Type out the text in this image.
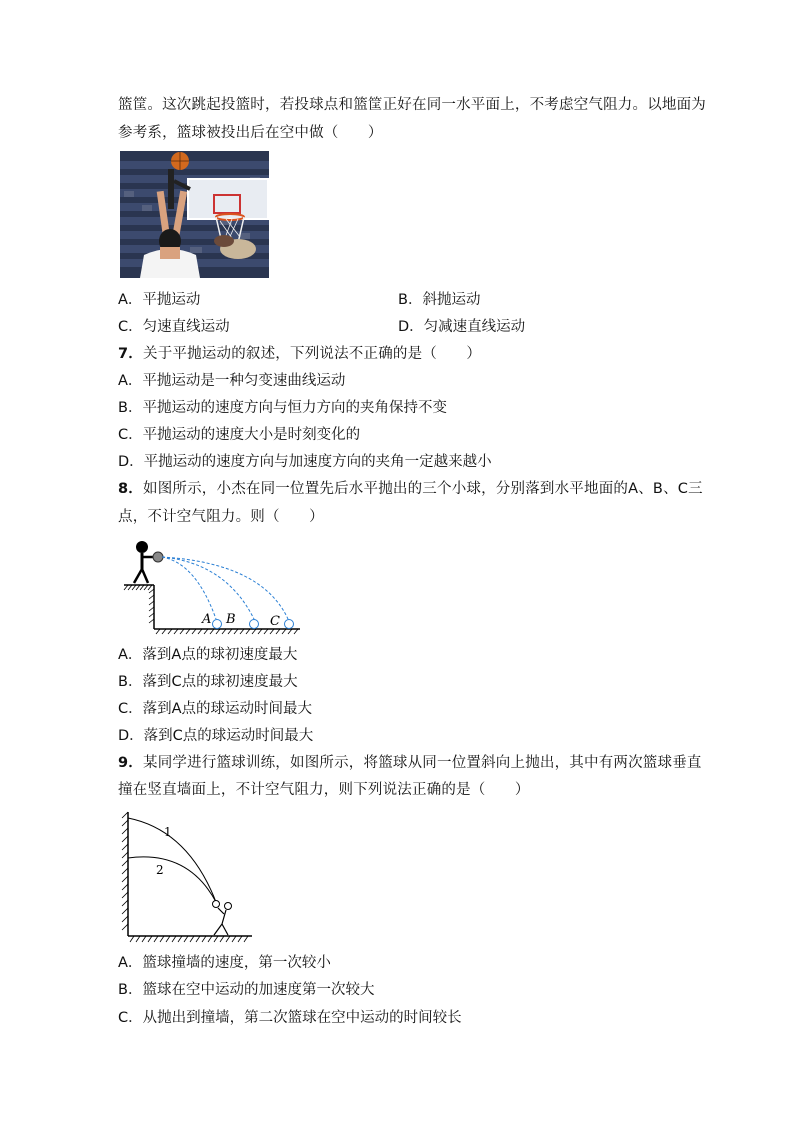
篮筐。这次跳起投篮时，若投球点和篮筐正好在同一水平面上，不考虑空气阻力。以地面为
参考系，篮球被投出后在空中做（　　）
A．平抛运动	B．斜抛运动
C．匀速直线运动	D．匀减速直线运动
7．关于平抛运动的叙述，下列说法不正确的是（　　）
A．平抛运动是一种匀变速曲线运动
B．平抛运动的速度方向与恒力方向的夹角保持不变
C．平抛运动的速度大小是时刻变化的
D．平抛运动的速度方向与加速度方向的夹角一定越来越小
8．如图所示，小杰在同一位置先后水平抛出的三个小球，分别落到水平地面的A、B、C三
点，不计空气阻力。则（　　）
A B	C
A．落到A点的球初速度最大
B．落到C点的球初速度最大
C．落到A点的球运动时间最大
D．落到C点的球运动时间最大
9．某同学进行篮球训练，如图所示，将篮球从同一位置斜向上抛出，其中有两次篮球垂直
撞在竖直墙面上，不计空气阻力，则下列说法正确的是（　　）
1
2
A．篮球撞墙的速度，第一次较小
B．篮球在空中运动的加速度第一次较大
C．从抛出到撞墙，第二次篮球在空中运动的时间较长
